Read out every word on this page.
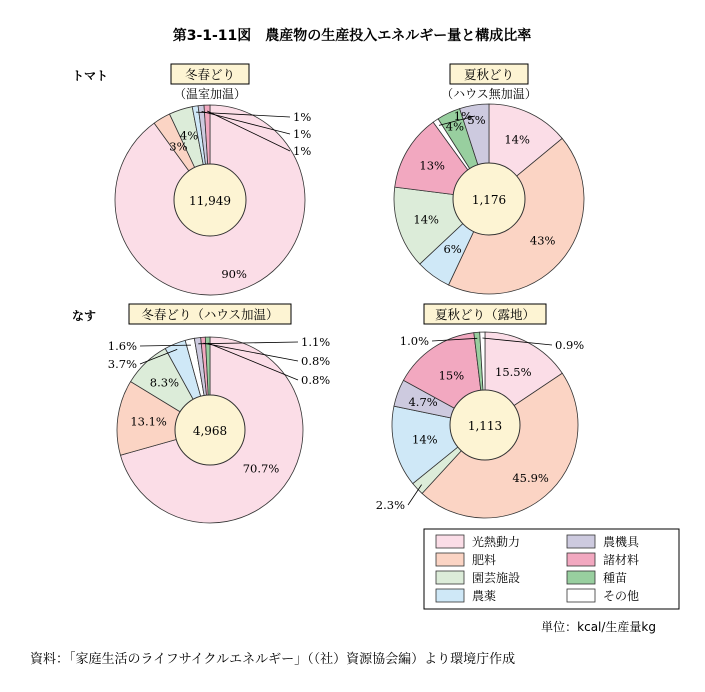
第3-1-11図　農産物の生産投入エネルギー量と構成比率
トマト
なす
11,949
冬春どり
（温室加温）
90%
3%
4%
1%
1%
1%
1,176
夏秋どり
（ハウス無加温）
14%
43%
6%
14%
13%
4% 5%
1%
4,968
冬春どり（ハウス加温）
70.7%
13.1%
8.3%
3.7%
1.6%	1.1%
0.8%
0.8%
1,113
夏秋どり（露地）
15.5%
45.9%
14%
4.7%
15%
2.3%
1.0%	0.9%
光熱動力
肥料
園芸施設
農薬
農機具
諸材料
種苗
その他
単位：kcal/生産量kg
資料：「家庭生活のライフサイクルエネルギー」（（社）資源協会編）より環境庁作成
